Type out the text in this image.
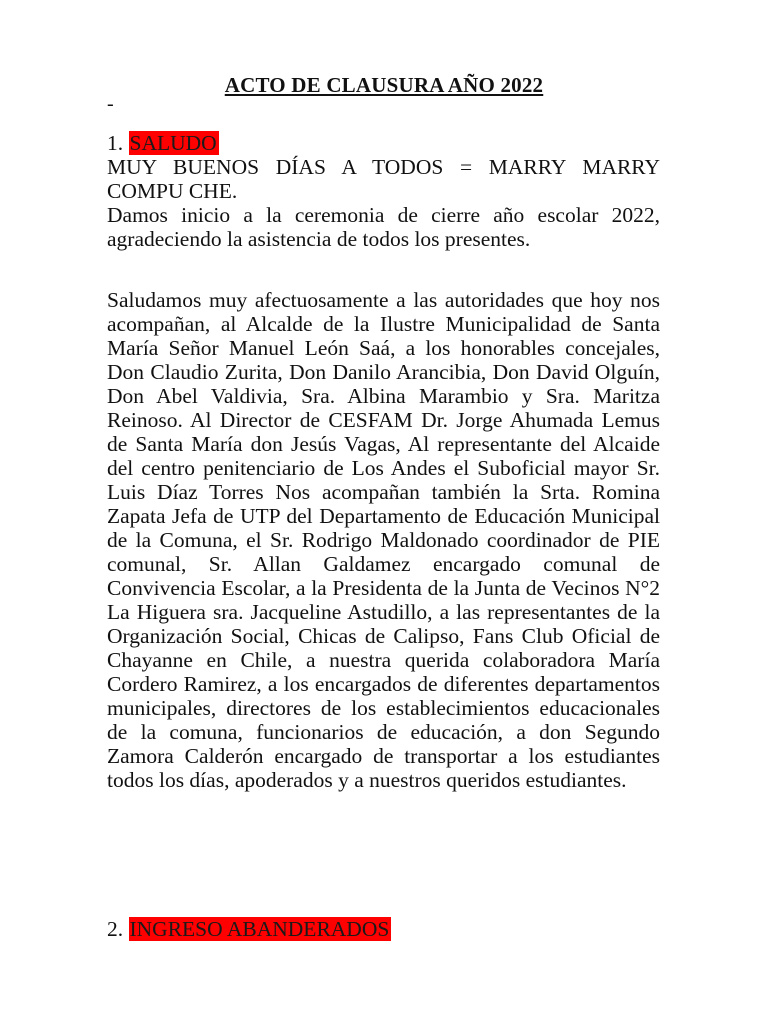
ACTO DE CLAUSURA AÑO 2022
-
1. SALUDO

MUY BUENOS DÍAS A TODOS = MARRY MARRY COMPU CHE.

Damos inicio a la ceremonia de cierre año escolar 2022, agradeciendo la asistencia de todos los presentes.

Saludamos muy afectuosamente a las autoridades que hoy nos acompañan, al Alcalde de la Ilustre Municipalidad de Santa María Señor Manuel León Saá, a los honorables concejales, Don Claudio Zurita, Don Danilo Arancibia, Don David Olguín, Don Abel Valdivia, Sra. Albina Marambio y Sra. Maritza Reinoso. Al Director de CESFAM Dr. Jorge Ahumada Lemus de Santa María don Jesús Vagas, Al representante del Alcaide del centro penitenciario de Los Andes el Suboficial mayor Sr. Luis Díaz Torres Nos acompañan también la Srta. Romina Zapata Jefa de UTP del Departamento de Educación Municipal de la Comuna, el Sr. Rodrigo Maldonado coordinador de PIE comunal, Sr. Allan Galdamez encargado comunal de Convivencia Escolar, a la Presidenta de la Junta de Vecinos N°2 La Higuera sra. Jacqueline Astudillo, a las representantes de la Organización Social, Chicas de Calipso, Fans Club Oficial de Chayanne en Chile, a nuestra querida colaboradora María Cordero Ramirez, a los encargados de diferentes departamentos municipales, directores de los establecimientos educacionales de la comuna, funcionarios de educación, a don Segundo Zamora Calderón encargado de transportar a los estudiantes todos los días, apoderados y a nuestros queridos estudiantes.

2. INGRESO ABANDERADOS
